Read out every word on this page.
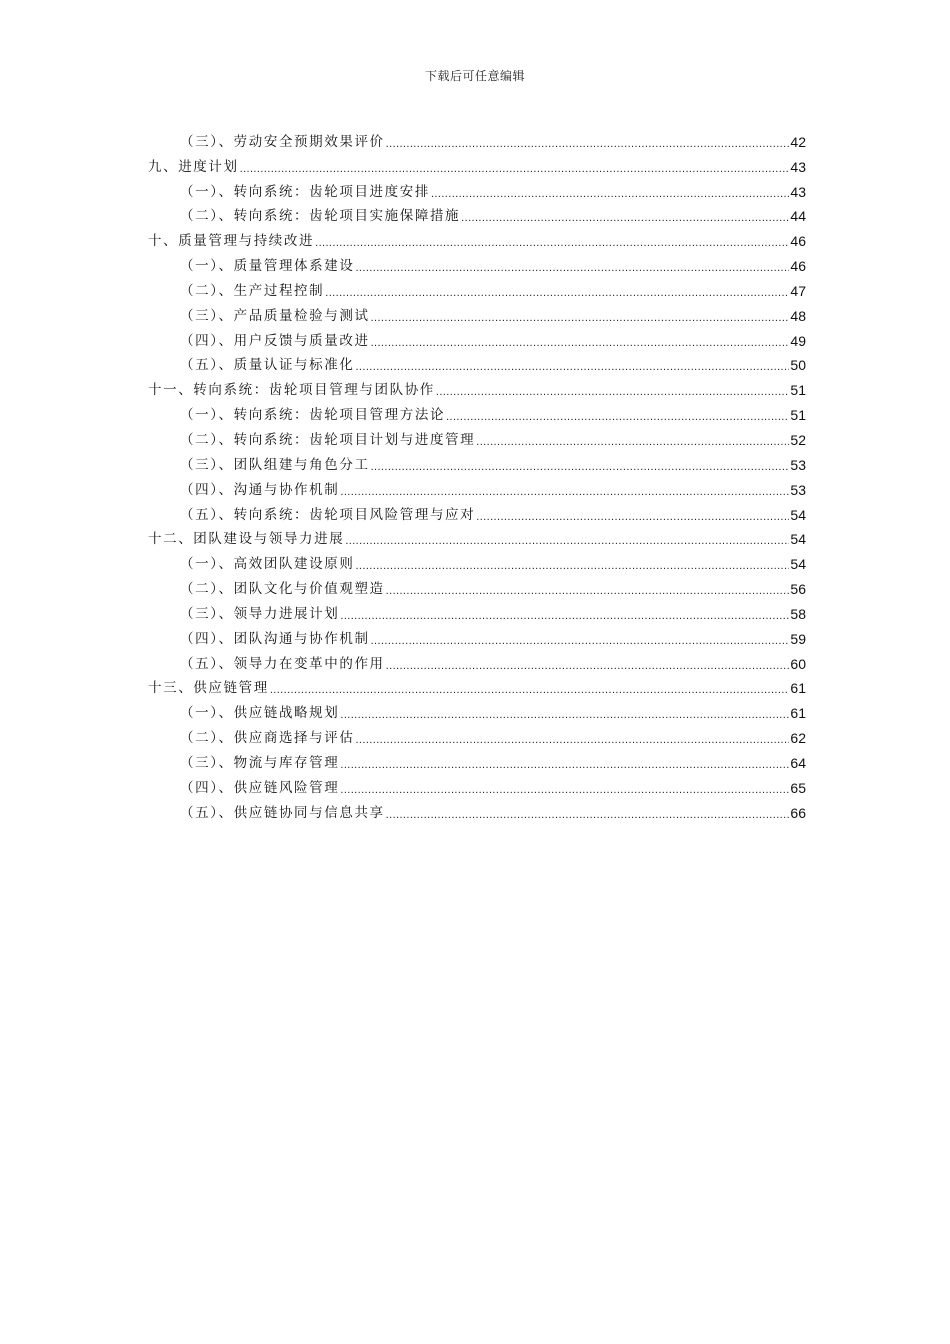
下载后可任意编辑
（三）、劳动安全预期效果评价 .....	42
九、进度计划 .....	43
（一）、转向系统：齿轮项目进度安排 .....	43
（二）、转向系统：齿轮项目实施保障措施 .....	44
十、质量管理与持续改进 .....	46
（一）、质量管理体系建设 .....	46
（二）、生产过程控制 .....	47
（三）、产品质量检验与测试 .....	48
（四）、用户反馈与质量改进 .....	49
（五）、质量认证与标准化 .....	50
十一、转向系统：齿轮项目管理与团队协作 .....	51
（一）、转向系统：齿轮项目管理方法论 .....	51
（二）、转向系统：齿轮项目计划与进度管理 .....	52
（三）、团队组建与角色分工 .....	53
（四）、沟通与协作机制 .....	53
（五）、转向系统：齿轮项目风险管理与应对 .....	54
十二、团队建设与领导力进展 .....	54
（一）、高效团队建设原则 .....	54
（二）、团队文化与价值观塑造 .....	56
（三）、领导力进展计划 .....	58
（四）、团队沟通与协作机制 .....	59
（五）、领导力在变革中的作用 .....	60
十三、供应链管理 .....	61
（一）、供应链战略规划 .....	61
（二）、供应商选择与评估 .....	62
（三）、物流与库存管理 .....	64
（四）、供应链风险管理 .....	65
（五）、供应链协同与信息共享 .....	66
